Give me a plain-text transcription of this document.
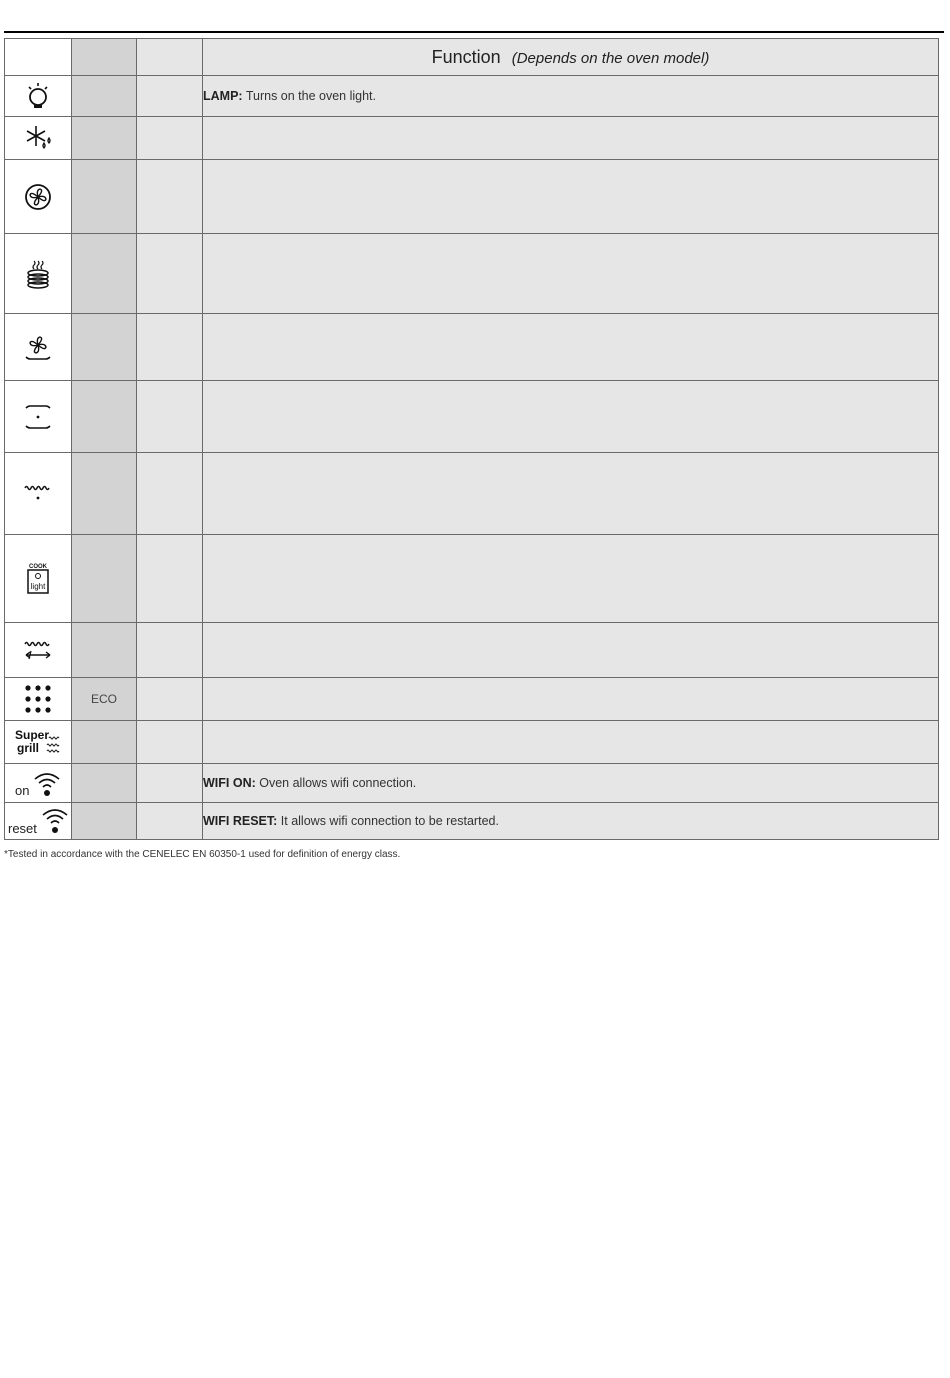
			Function (Depends on the oven model)

			LAMP: Turns on the oven light.

COOK
light			

	ECO		

Super
grill			

on			WIFI ON: Oven allows wifi connection.

reset			WIFI RESET: It allows wifi connection to be restarted.
*Tested in accordance with the CENELEC EN 60350-1 used for definition of energy class.
